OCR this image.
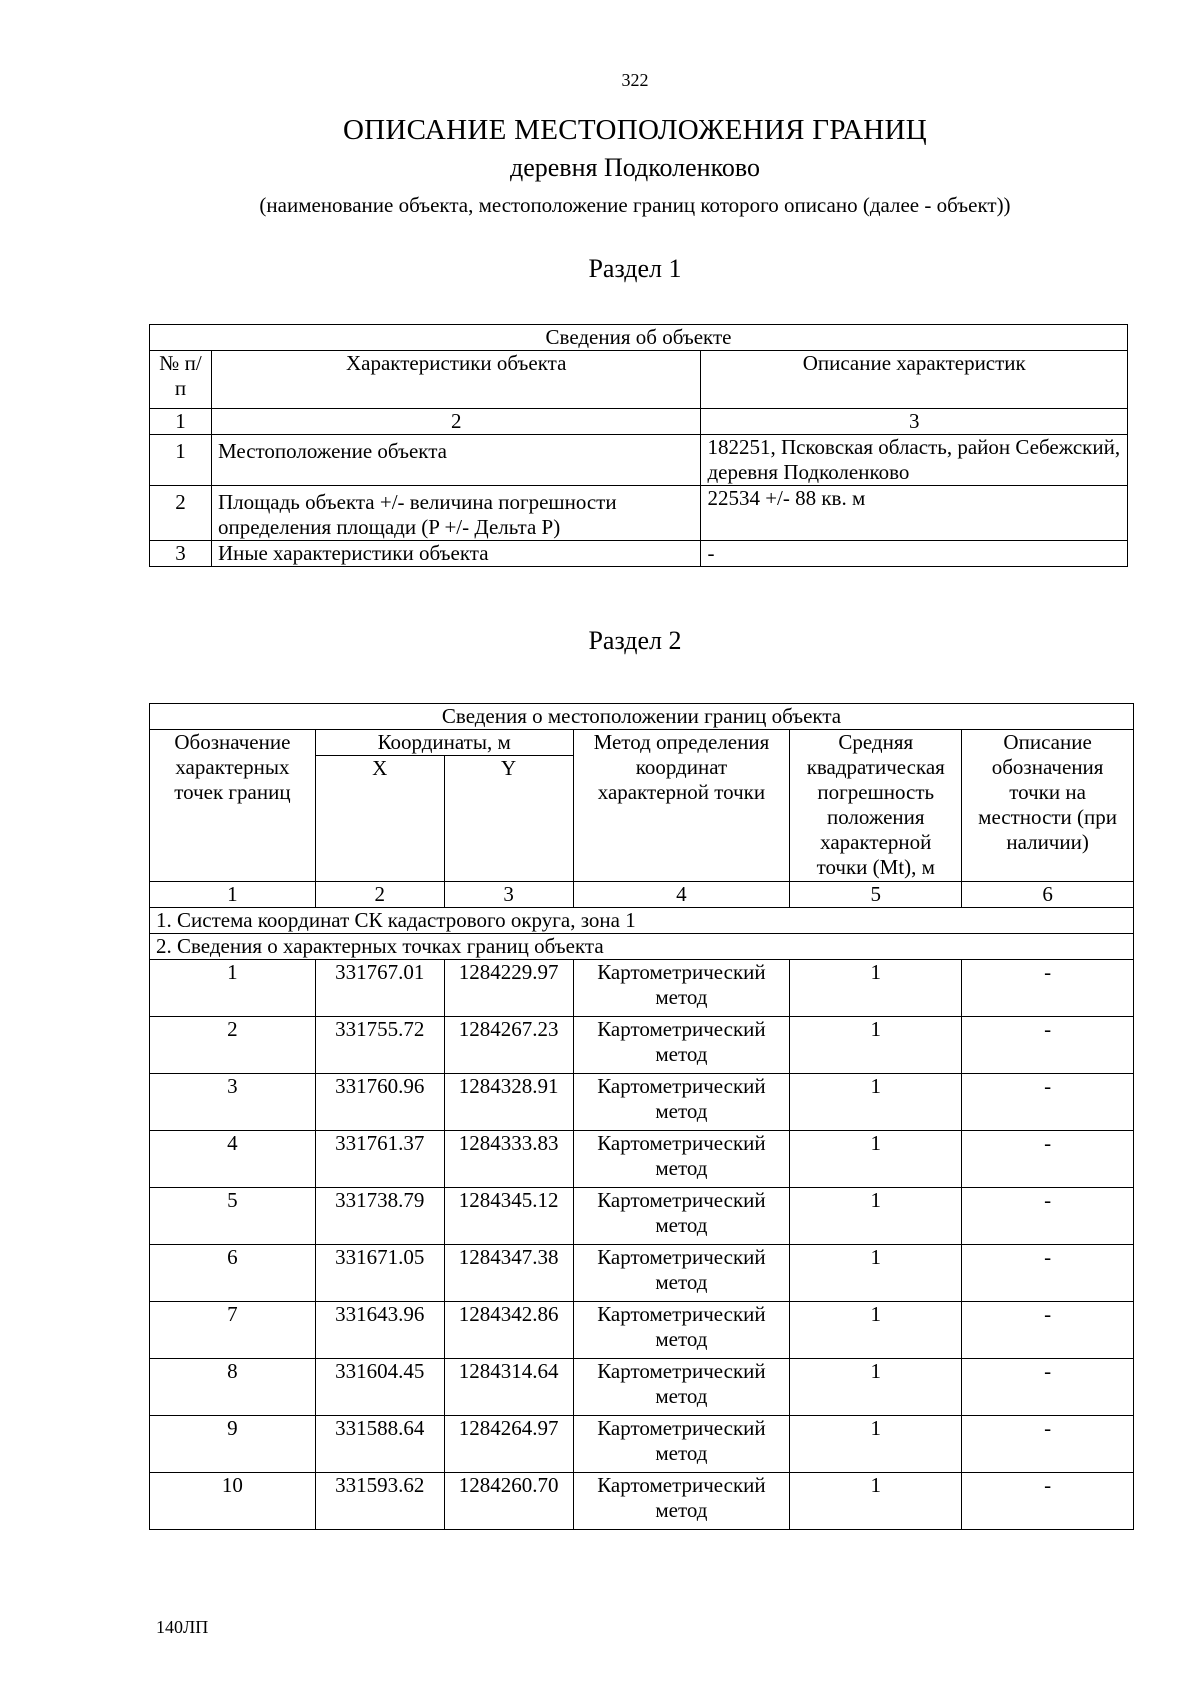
322
ОПИСАНИЕ МЕСТОПОЛОЖЕНИЯ ГРАНИЦ
деревня Подколенково
(наименование объекта, местоположение границ которого описано (далее - объект))
Раздел 1
Сведения об объекте		
№ п/п	Характеристики объекта	Описание характеристик
1	2	3
1	Местоположение объекта	182251, Псковская область, район Себежский, деревня Подколенково
2	Площадь объекта +/- величина погрешности определения площади (P +/- Дельта P)	22534 +/- 88 кв. м
3	Иные характеристики объекта	-
Раздел 2
Сведения о местоположении границ объекта					
Обозначение характерных точек границ	Координаты, м		Метод определения координат характерной точки	Средняя квадратическая погрешность положения характерной точки (Mt), м	Описание обозначения точки на местности (при наличии)
	X	Y			
1	2	3	4	5	6
1. Система координат СК кадастрового округа, зона 1					
2. Сведения о характерных точках границ объекта					
1	331767.01	1284229.97	Картометрический метод	1	-
2	331755.72	1284267.23	Картометрический метод	1	-
3	331760.96	1284328.91	Картометрический метод	1	-
4	331761.37	1284333.83	Картометрический метод	1	-
5	331738.79	1284345.12	Картометрический метод	1	-
6	331671.05	1284347.38	Картометрический метод	1	-
7	331643.96	1284342.86	Картометрический метод	1	-
8	331604.45	1284314.64	Картометрический метод	1	-
9	331588.64	1284264.97	Картометрический метод	1	-
10	331593.62	1284260.70	Картометрический метод	1	-
140ЛП
